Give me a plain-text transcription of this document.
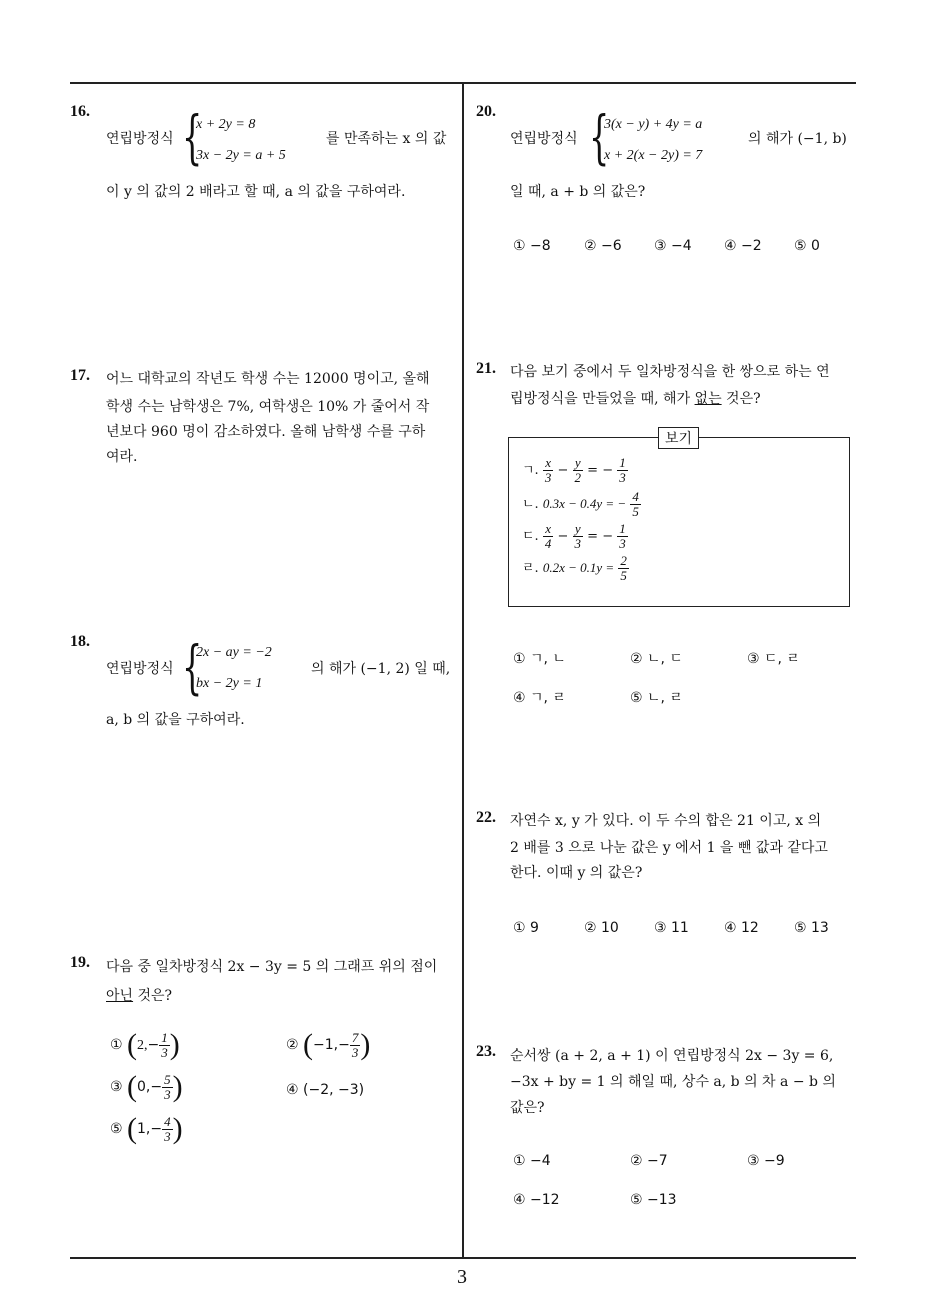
16.
연립방정식 {
x + 2y = 8
3x − 2y = a + 5
를 만족하는 x 의 값
이 y 의 값의 2 배라고 할 때, a 의 값을 구하여라.
17. 어느 대학교의 작년도 학생 수는 12000 명이고, 올해
학생 수는 남학생은 7%, 여학생은 10% 가 줄어서 작
년보다 960 명이 감소하였다. 올해 남학생 수를 구하
여라.
18.
연립방정식 {
2x − ay = −2
bx − 2y = 1
의 해가 (−1, 2) 일 때,
a, b 의 값을 구하여라.
19. 다음 중 일차방정식 2x − 3y = 5 의 그래프 위의 점이
아닌 것은?
① ($2,- \frac{1}{3}$ )	② ($-1,- \frac{7}{3}$ )
③ ($0,- \frac{5}{3}$ )	④ (−2, −3)
⑤ ($1,- \frac{4}{3}$ )
20.
연립방정식 {
3(x − y) + 4y = a
x + 2(x − 2y) = 7
의 해가 (−1, b)
일 때, a + b 의 값은?
① −8 ② −6 ③ −4 ④ −2 ⑤ 0
21. 다음 보기 중에서 두 일차방정식을 한 쌍으로 하는 연
립방정식을 만들었을 때, 해가 없는 것은?
보기
ㄱ. $\frac{x}{3} - \frac{y}{2}$ = − $\frac{1}{3}$
ㄴ. 0.3x − 0.4y = − $\frac{4}{5}$
ㄷ. $\frac{x}{4} - \frac{y}{3}$ = − $\frac{1}{3}$
ㄹ. $0.2x - 0.1y = \frac{2}{5}$
① ㄱ, ㄴ	② ㄴ, ㄷ	③ ㄷ, ㄹ
④ ㄱ, ㄹ	⑤ ㄴ, ㄹ
22. 자연수 x, y 가 있다. 이 두 수의 합은 21 이고, x 의
2 배를 3 으로 나눈 값은 y 에서 1 을 뺀 값과 같다고
한다. 이때 y 의 값은?
① 9	② 10	③ 11	④ 12	⑤ 13
23. 순서쌍 (a + 2, a + 1) 이 연립방정식 2x − 3y = 6,
−3x + by = 1 의 해일 때, 상수 a, b 의 차 a − b 의
값은?
① −4	② −7	③ −9
④ −12	⑤ −13
3
